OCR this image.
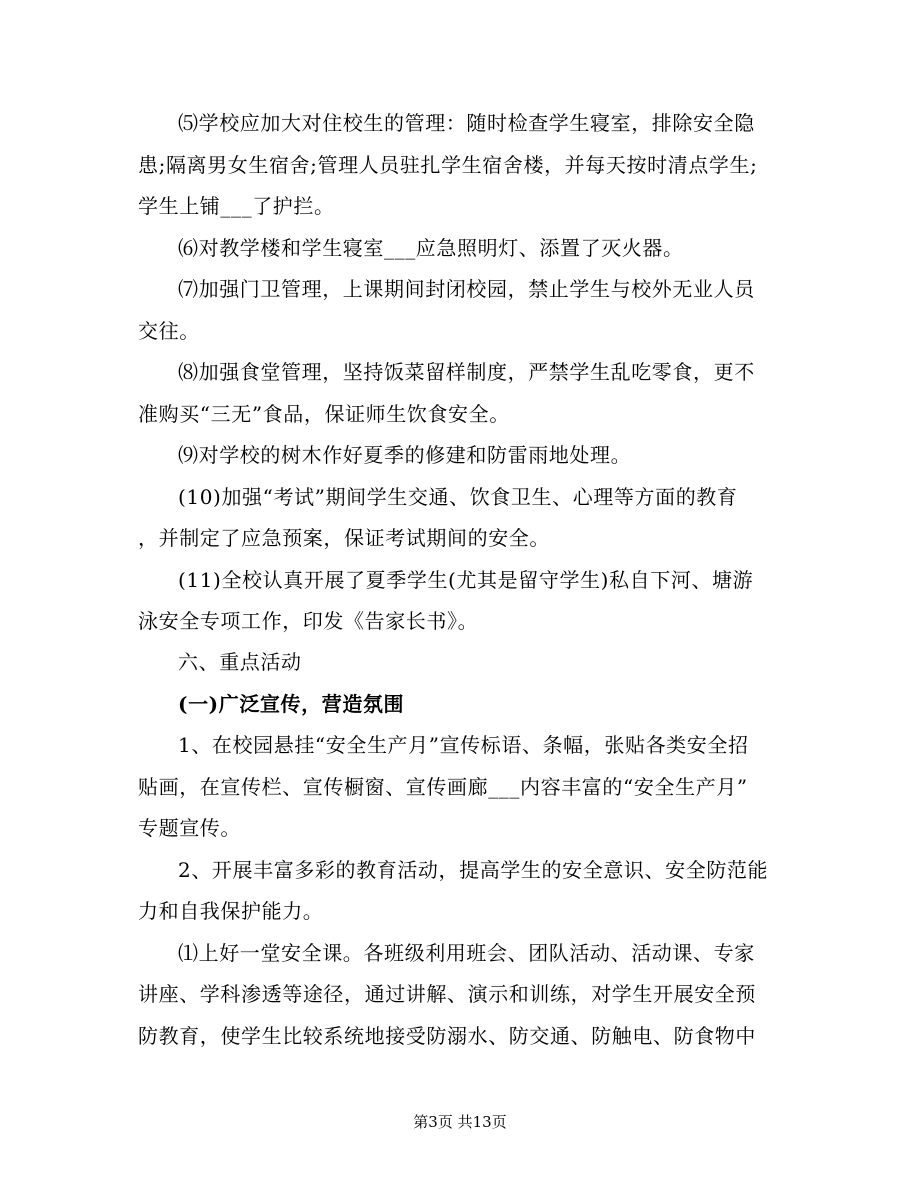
⑸学校应加大对住校生的管理：随时检查学生寝室，排除安全隐
患;隔离男女生宿舍;管理人员驻扎学生宿舍楼，并每天按时清点学生;
学生上铺___了护拦。
⑹对教学楼和学生寝室___应急照明灯、添置了灭火器。
⑺加强门卫管理，上课期间封闭校园，禁止学生与校外无业人员
交往。
⑻加强食堂管理，坚持饭菜留样制度，严禁学生乱吃零食，更不
准购买“三无”食品，保证师生饮食安全。
⑼对学校的树木作好夏季的修建和防雷雨地处理。
(10)加强“考试”期间学生交通、饮食卫生、心理等方面的教育
，并制定了应急预案，保证考试期间的安全。
(11)全校认真开展了夏季学生(尤其是留守学生)私自下河、塘游
泳安全专项工作，印发《告家长书》。
六、重点活动
(一)广泛宣传，营造氛围
1、在校园悬挂“安全生产月”宣传标语、条幅，张贴各类安全招
贴画，在宣传栏、宣传橱窗、宣传画廊___内容丰富的“安全生产月”
专题宣传。
2、开展丰富多彩的教育活动，提高学生的安全意识、安全防范能
力和自我保护能力。
⑴上好一堂安全课。各班级利用班会、团队活动、活动课、专家
讲座、学科渗透等途径，通过讲解、演示和训练，对学生开展安全预
防教育，使学生比较系统地接受防溺水、防交通、防触电、防食物中
第3页 共13页
